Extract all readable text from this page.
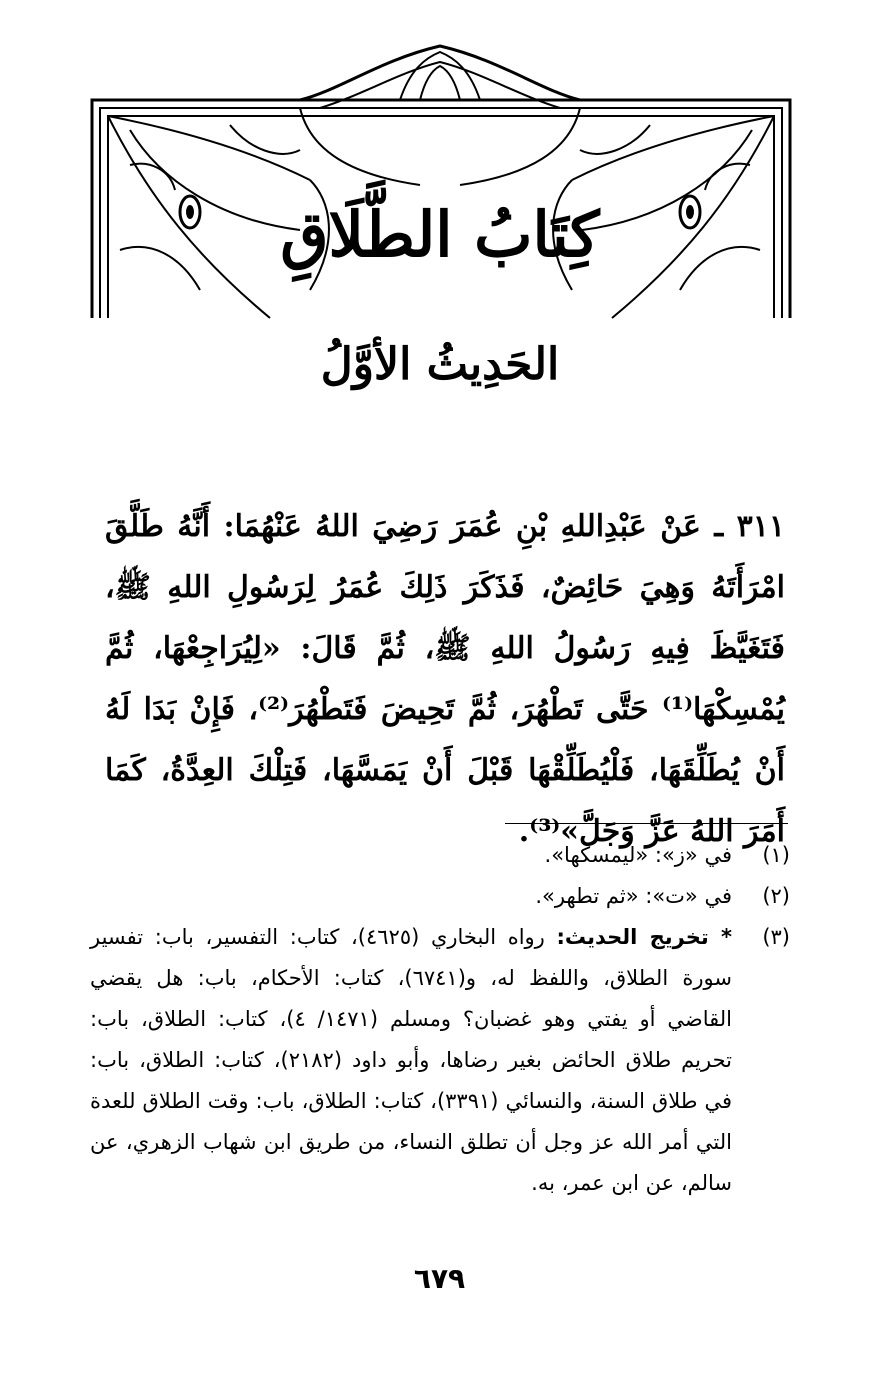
كِتَابُ الطَّلَاقِ
الحَدِيثُ الأوَّلُ

٣١١ ـ عَنْ عَبْدِاللهِ بْنِ عُمَرَ رَضِيَ اللهُ عَنْهُمَا: أَنَّهُ طَلَّقَ امْرَأَتَهُ وَهِيَ حَائِضٌ، فَذَكَرَ ذَلِكَ عُمَرُ لِرَسُولِ اللهِ ﷺ، فَتَغَيَّظَ فِيهِ رَسُولُ اللهِ ﷺ، ثُمَّ قَالَ: «لِيُرَاجِعْهَا، ثُمَّ يُمْسِكْهَا⁽¹⁾ حَتَّى تَطْهُرَ، ثُمَّ تَحِيضَ فَتَطْهُرَ⁽²⁾، فَإِنْ بَدَا لَهُ أَنْ يُطَلِّقَهَا، فَلْيُطَلِّقْهَا قَبْلَ أَنْ يَمَسَّهَا، فَتِلْكَ العِدَّةُ، كَمَا أَمَرَ اللهُ عَزَّ وَجَلَّ»⁽³⁾.

(١)
في «ز»: «ليمسكها».
(٢)
في «ت»: «ثم تطهر».
(٣)
* تخريج الحديث: رواه البخاري (٤٦٢٥)، كتاب: التفسير، باب: تفسير سورة الطلاق، واللفظ له، و(٦٧٤١)، كتاب: الأحكام، باب: هل يقضي القاضي أو يفتي وهو غضبان؟ ومسلم (١٤٧١/ ٤)، كتاب: الطلاق، باب: تحريم طلاق الحائض بغير رضاها، وأبو داود (٢١٨٢)، كتاب: الطلاق، باب: في طلاق السنة، والنسائي (٣٣٩١)، كتاب: الطلاق، باب: وقت الطلاق للعدة التي أمر الله عز وجل أن تطلق النساء، من طريق ابن شهاب الزهري، عن سالم، عن ابن عمر، به.
٦٧٩
